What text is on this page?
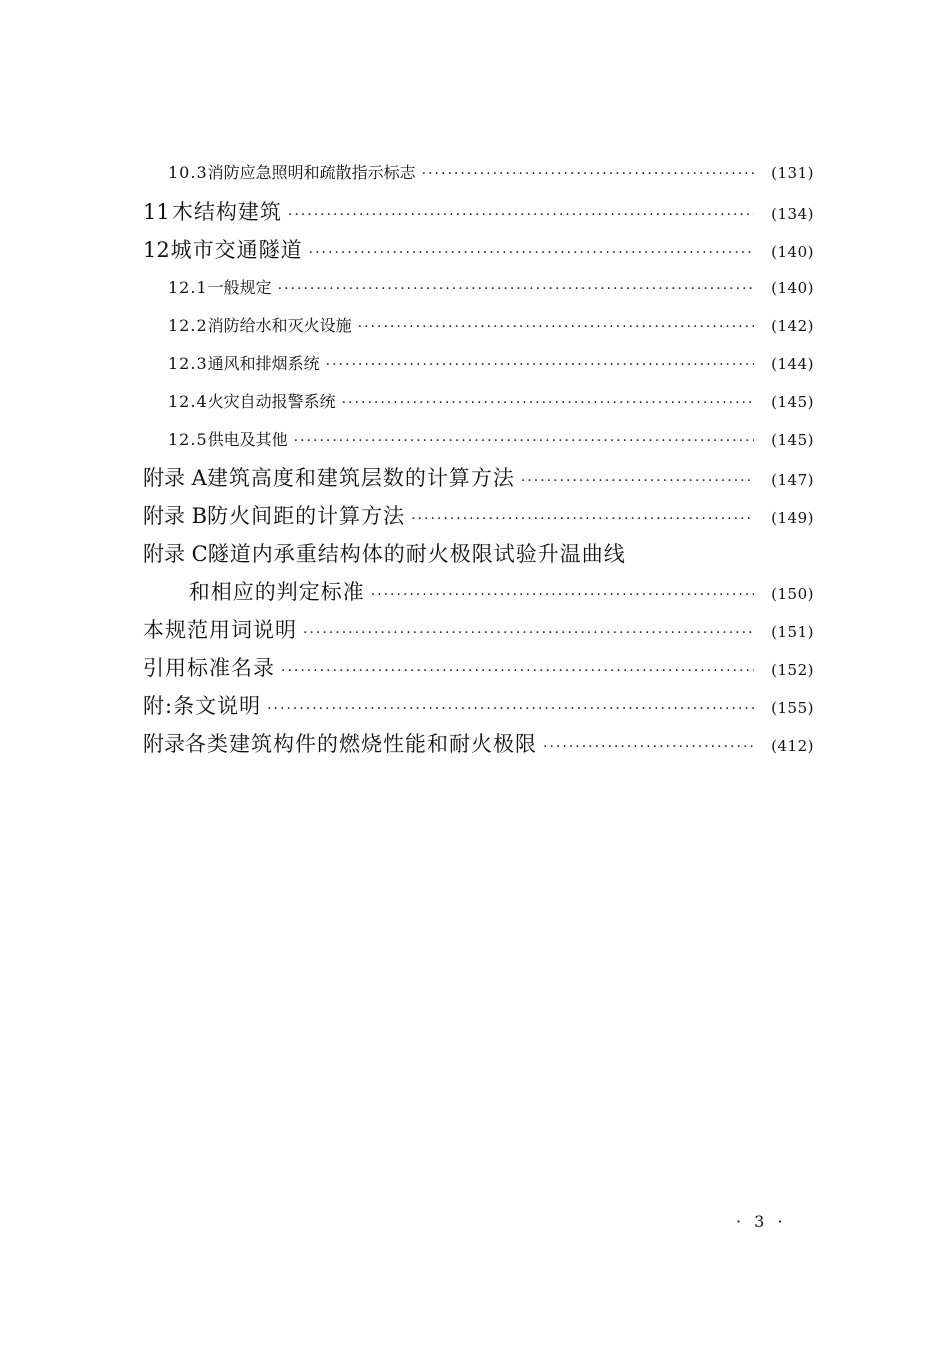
10.3 消防应急照明和疏散指示标志 ·····	(131)
11 木结构建筑 ·····	(134)
12 城市交通隧道 ·····	(140)
12.1 一般规定 ·····	(140)
12.2 消防给水和灭火设施 ·····	(142)
12.3 通风和排烟系统 ·····	(144)
12.4 火灾自动报警系统 ·····	(145)
12.5 供电及其他 ·····	(145)
附录 A 建筑高度和建筑层数的计算方法 ·····	(147)
附录 B 防火间距的计算方法 ·····	(149)
附录 C 隧道内承重结构体的耐火极限试验升温曲线
和相应的判定标准 ·····	(150)
本规范用词说明 ·····	(151)
引用标准名录 ·····	(152)
附:条文说明 ·····	(155)
附录 各类建筑构件的燃烧性能和耐火极限 ·····	(412)
· 3 ·
